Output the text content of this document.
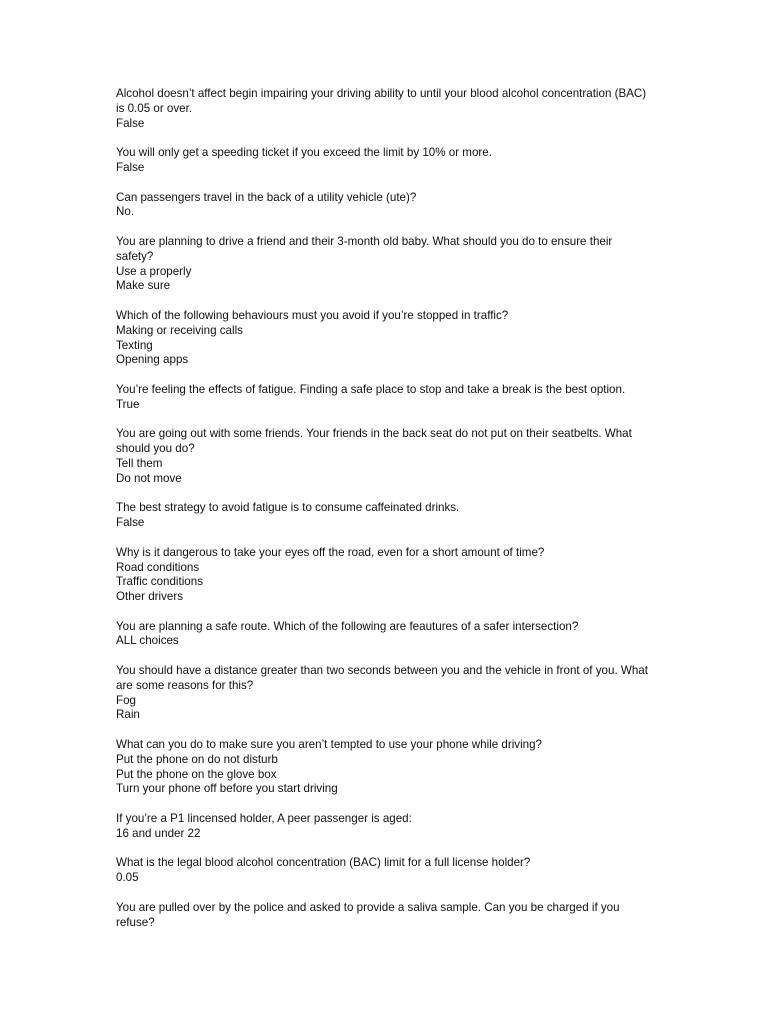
Alcohol doesn’t affect begin impairing your driving ability to until your blood alcohol concentration (BAC) is 0.05 or over.

False

You will only get a speeding ticket if you exceed the limit by 10% or more.

False

Can passengers travel in the back of a utility vehicle (ute)?

No.

You are planning to drive a friend and their 3-month old baby. What should you do to ensure their safety?

Use a properly
Make sure

Which of the following behaviours must you avoid if you’re stopped in traffic?

Making or receiving calls
Texting
Opening apps

You’re feeling the effects of fatigue. Finding a safe place to stop and take a break is the best option.

True

You are going out with some friends. Your friends in the back seat do not put on their seatbelts. What should you do?

Tell them
Do not move

The best strategy to avoid fatigue is to consume caffeinated drinks.

False

Why is it dangerous to take your eyes off the road, even for a short amount of time?

Road conditions
Traffic conditions
Other drivers

You are planning a safe route. Which of the following are feautures of a safer intersection?

ALL choices

You should have a distance greater than two seconds between you and the vehicle in front of you. What are some reasons for this?

Fog
Rain

What can you do to make sure you aren’t tempted to use your phone while driving?

Put the phone on do not disturb
Put the phone on the glove box
Turn your phone off before you start driving

If you’re a P1 lincensed holder, A peer passenger is aged:

16 and under 22

What is the legal blood alcohol concentration (BAC) limit for a full license holder?

0.05

You are pulled over by the police and asked to provide a saliva sample. Can you be charged if you refuse?
